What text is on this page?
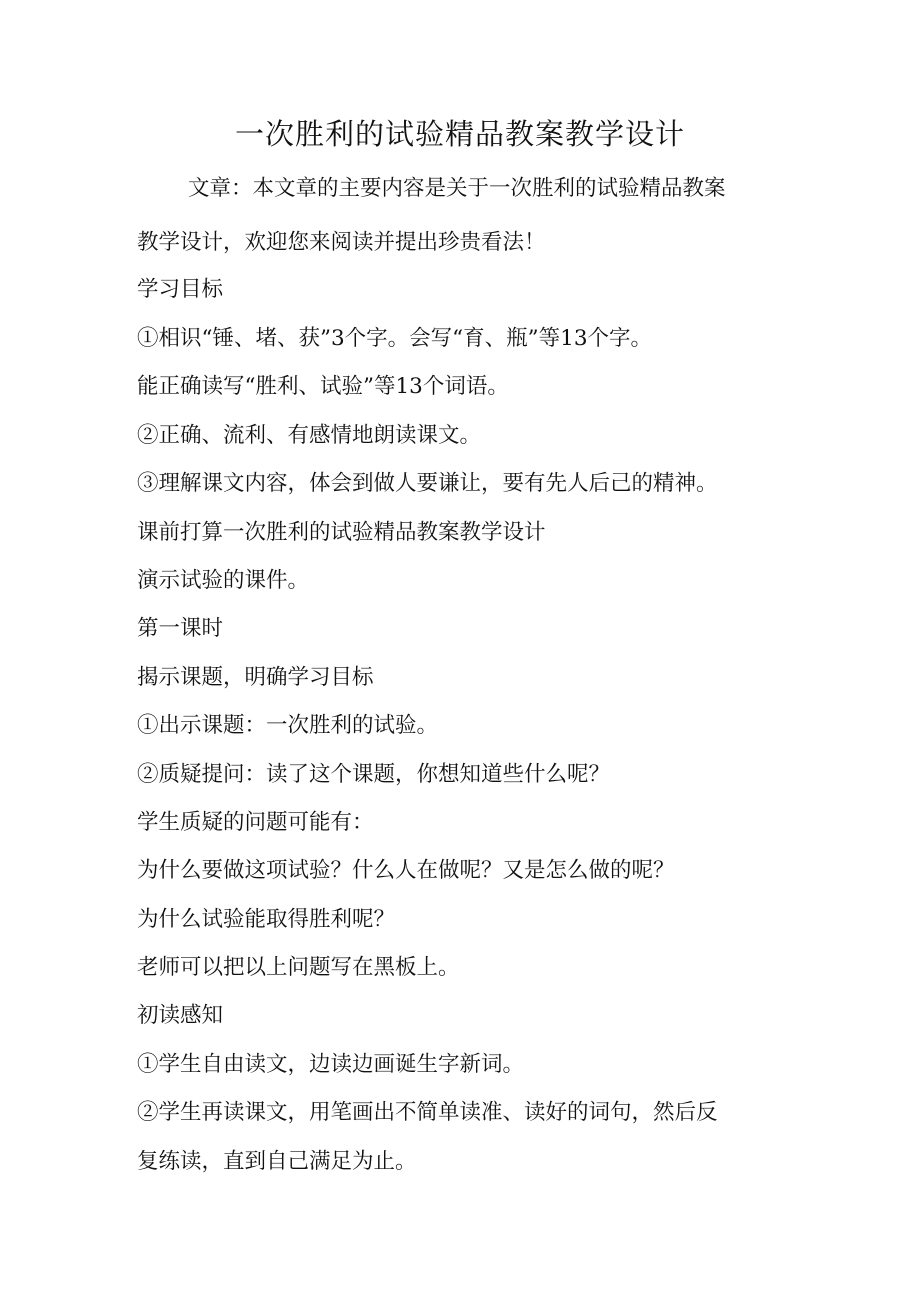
一次胜利的试验精品教案教学设计
文章：本文章的主要内容是关于一次胜利的试验精品教案
教学设计，欢迎您来阅读并提出珍贵看法！
学习目标
①相识“锤、堵、获”3个字。会写“育、瓶”等13个字。
能正确读写“胜利、试验”等13个词语。
②正确、流利、有感情地朗读课文。
③理解课文内容，体会到做人要谦让，要有先人后己的精神。
课前打算一次胜利的试验精品教案教学设计
演示试验的课件。
第一课时
揭示课题，明确学习目标
①出示课题：一次胜利的试验。
②质疑提问：读了这个课题，你想知道些什么呢？
学生质疑的问题可能有：
为什么要做这项试验？什么人在做呢？又是怎么做的呢？
为什么试验能取得胜利呢？
老师可以把以上问题写在黑板上。
初读感知
①学生自由读文，边读边画诞生字新词。
②学生再读课文，用笔画出不简单读准、读好的词句，然后反
复练读，直到自己满足为止。
